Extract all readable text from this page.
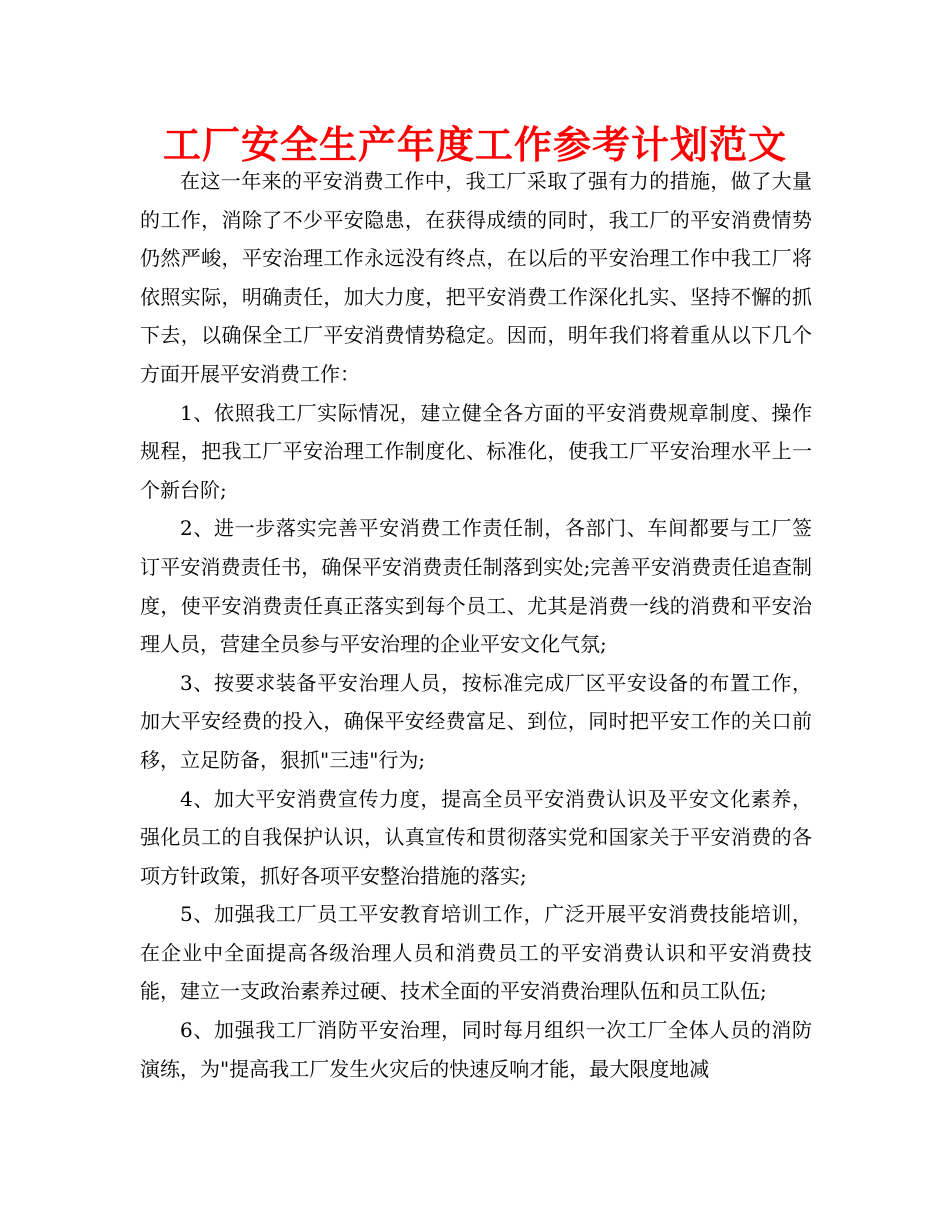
工厂安全生产年度工作参考计划范文

在这一年来的平安消费工作中，我工厂采取了强有力的措施，做了大量的工作，消除了不少平安隐患，在获得成绩的同时，我工厂的平安消费情势仍然严峻，平安治理工作永远没有终点，在以后的平安治理工作中我工厂将依照实际，明确责任，加大力度，把平安消费工作深化扎实、坚持不懈的抓下去，以确保全工厂平安消费情势稳定。因而，明年我们将着重从以下几个方面开展平安消费工作：

1、依照我工厂实际情况，建立健全各方面的平安消费规章制度、操作规程，把我工厂平安治理工作制度化、标准化，使我工厂平安治理水平上一个新台阶;

2、进一步落实完善平安消费工作责任制，各部门、车间都要与工厂签订平安消费责任书，确保平安消费责任制落到实处;完善平安消费责任追查制度，使平安消费责任真正落实到每个员工、尤其是消费一线的消费和平安治理人员，营建全员参与平安治理的企业平安文化气氛;

3、按要求装备平安治理人员，按标准完成厂区平安设备的布置工作，加大平安经费的投入，确保平安经费富足、到位，同时把平安工作的关口前移，立足防备，狠抓"三违"行为;

4、加大平安消费宣传力度，提高全员平安消费认识及平安文化素养，强化员工的自我保护认识，认真宣传和贯彻落实党和国家关于平安消费的各项方针政策，抓好各项平安整治措施的落实;

5、加强我工厂员工平安教育培训工作，广泛开展平安消费技能培训，在企业中全面提高各级治理人员和消费员工的平安消费认识和平安消费技能，建立一支政治素养过硬、技术全面的平安消费治理队伍和员工队伍;

6、加强我工厂消防平安治理，同时每月组织一次工厂全体人员的消防演练，为"提高我工厂发生火灾后的快速反响才能，最大限度地减
